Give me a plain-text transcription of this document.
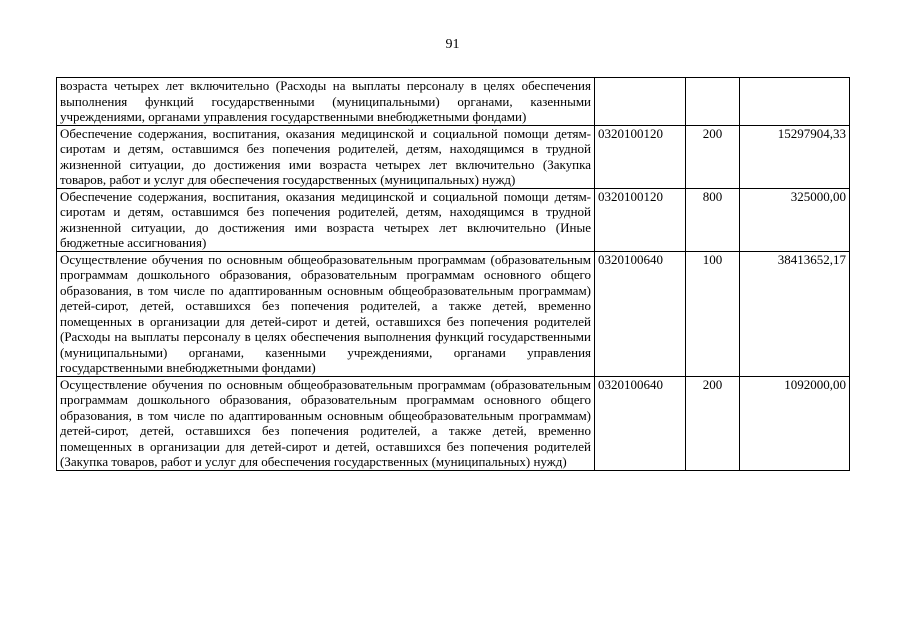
91
возраста четырех лет включительно (Расходы на выплаты персоналу в целях обеспечения выполнения функций государственными (муниципальными) органами, казенными учреждениями, органами управления государственными внебюджетными фондами)			
Обеспечение содержания, воспитания, оказания медицинской и социальной помощи детям-сиротам и детям, оставшимся без попечения родителей, детям, находящимся в трудной жизненной ситуации, до достижения ими возраста четырех лет включительно (Закупка товаров, работ и услуг для обеспечения государственных (муниципальных) нужд)	0320100120	200	15297904,33
Обеспечение содержания, воспитания, оказания медицинской и социальной помощи детям-сиротам и детям, оставшимся без попечения родителей, детям, находящимся в трудной жизненной ситуации, до достижения ими возраста четырех лет включительно (Иные бюджетные ассигнования)	0320100120	800	325000,00
Осуществление обучения по основным общеобразовательным программам (образовательным программам дошкольного образования, образовательным программам основного общего образования, в том числе по адаптированным основным общеобразовательным программам) детей-сирот, детей, оставшихся без попечения родителей, а также детей, временно помещенных в организации для детей-сирот и детей, оставшихся без попечения родителей (Расходы на выплаты персоналу в целях обеспечения выполнения функций государственными (муниципальными) органами, казенными учреждениями, органами управления государственными внебюджетными фондами)	0320100640	100	38413652,17
Осуществление обучения по основным общеобразовательным программам (образовательным программам дошкольного образования, образовательным программам основного общего образования, в том числе по адаптированным основным общеобразовательным программам) детей-сирот, детей, оставшихся без попечения родителей, а также детей, временно помещенных в организации для детей-сирот и детей, оставшихся без попечения родителей (Закупка товаров, работ и услуг для обеспечения государственных (муниципальных) нужд)	0320100640	200	1092000,00
